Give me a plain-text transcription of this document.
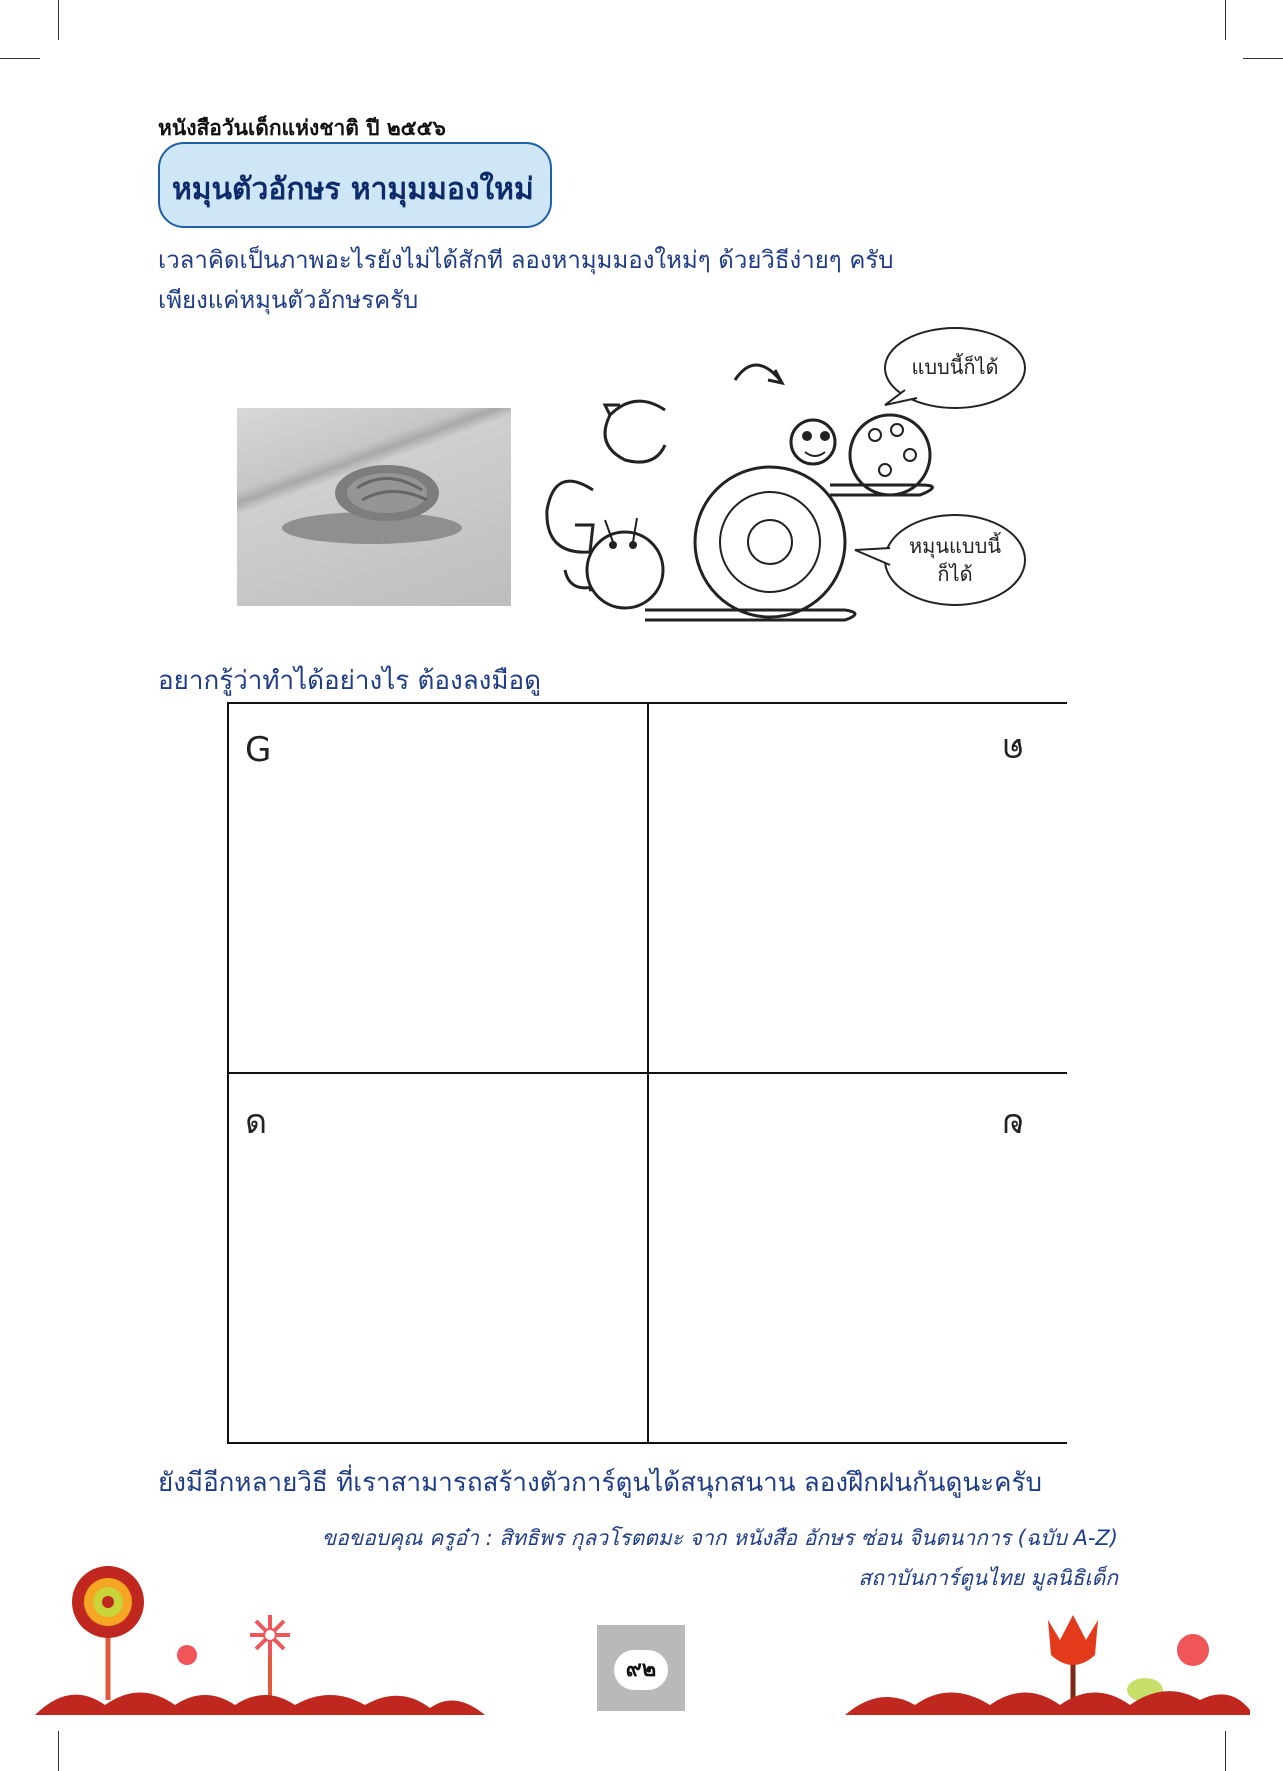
หนังสือวันเด็กแห่งชาติ ปี ๒๕๕๖
หมุนตัวอักษร หามุมมองใหม่
เวลาคิดเป็นภาพอะไรยังไม่ได้สักที ลองหามุมมองใหม่ๆ ด้วยวิธีง่ายๆ ครับ
เพียงแค่หมุนตัวอักษรครับ
แบบนี้ก็ได้
หมุนแบบนี้
ก็ได้
อยากรู้ว่าทำได้อย่างไร ต้องลงมือดู
G	ด
ด	ด
ยังมีอีกหลายวิธี ที่เราสามารถสร้างตัวการ์ตูนได้สนุกสนาน ลองฝึกฝนกันดูนะครับ
ขอขอบคุณ ครูอ๋า : สิทธิพร กุลวโรตตมะ จาก หนังสือ อักษร ซ่อน จินตนาการ (ฉบับ A-Z)
สถาบันการ์ตูนไทย มูลนิธิเด็ก
๙๒
